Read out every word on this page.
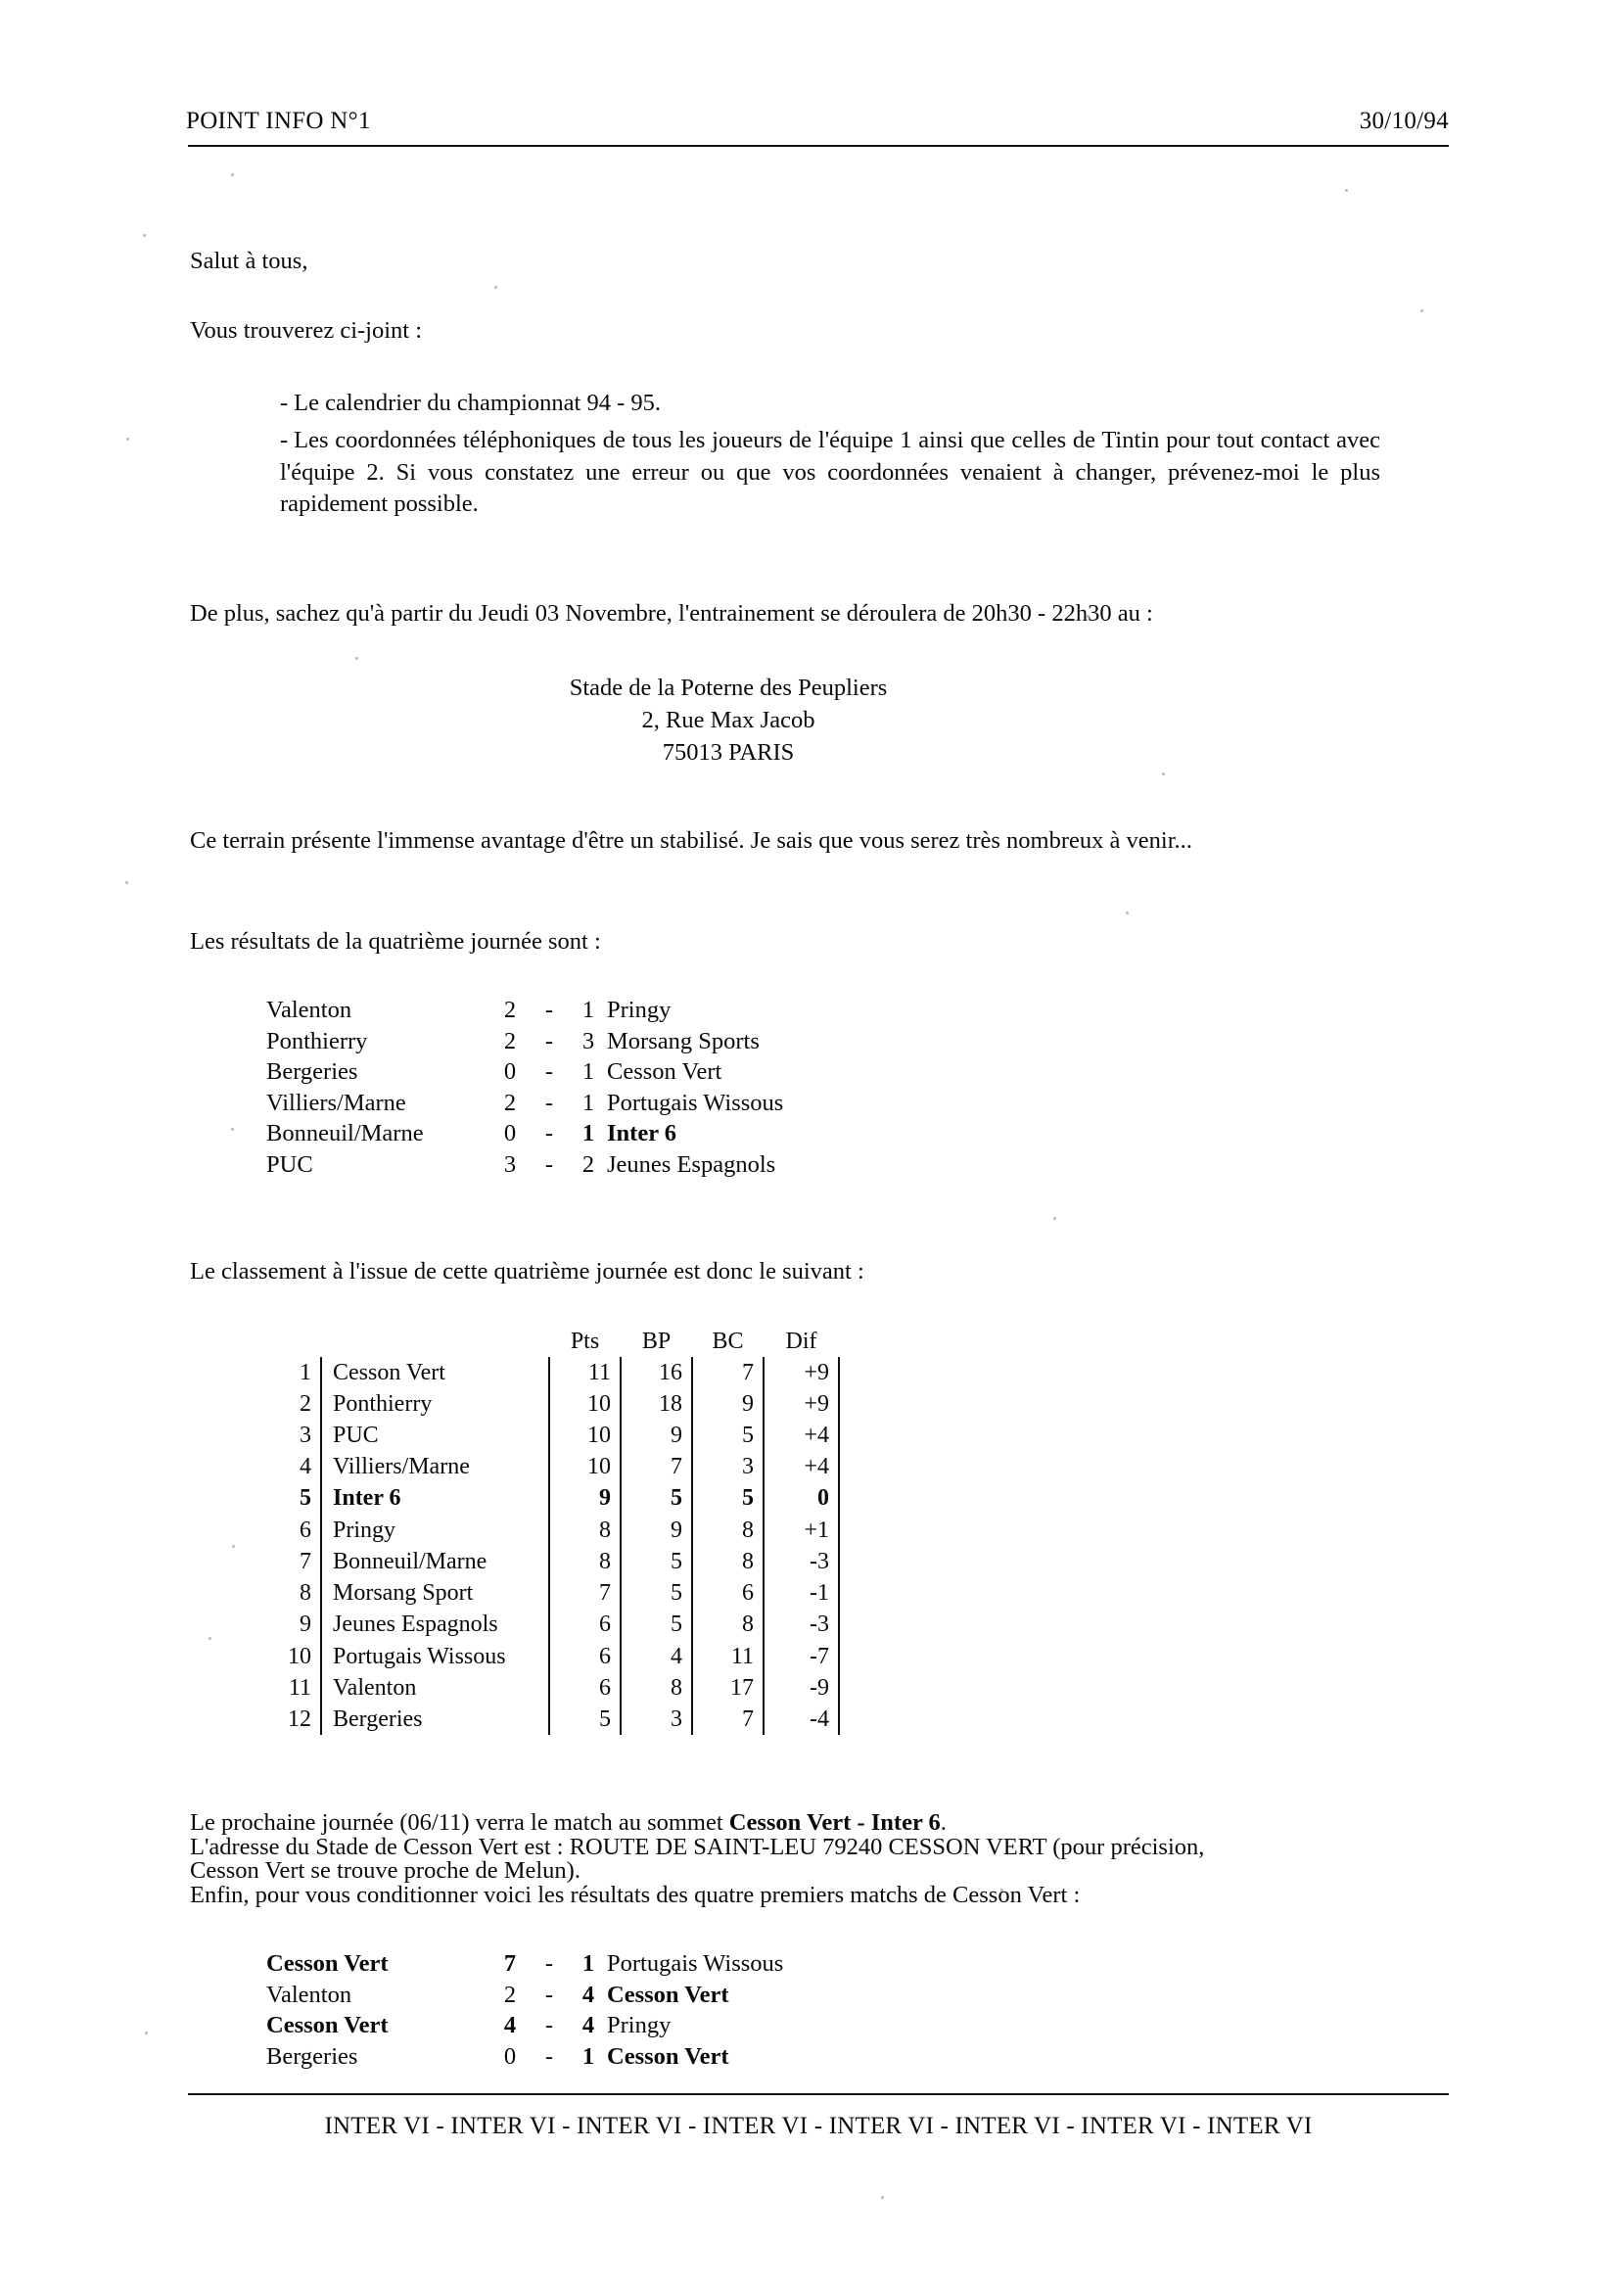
POINT INFO N°1	30/10/94

Salut à tous,

Vous trouverez ci-joint :

- Le calendrier du championnat 94 - 95.
- Les coordonnées téléphoniques de tous les joueurs de l'équipe 1 ainsi que celles de Tintin pour tout contact avec l'équipe 2. Si vous constatez une erreur ou que vos coordonnées venaient à changer, prévenez-moi le plus rapidement possible.

De plus, sachez qu'à partir du Jeudi 03 Novembre, l'entrainement se déroulera de 20h30 - 22h30 au :

Stade de la Poterne des Peupliers
2, Rue Max Jacob
75013 PARIS

Ce terrain présente l'immense avantage d'être un stabilisé. Je sais que vous serez très nombreux à venir...

Les résultats de la quatrième journée sont :

Valenton	2	-	1	Pringy
Ponthierry	2	-	3	Morsang Sports
Bergeries	0	-	1	Cesson Vert
Villiers/Marne	2	-	1	Portugais Wissous
Bonneuil/Marne	0	-	1	Inter 6
PUC	3	-	2	Jeunes Espagnols

Le classement à l'issue de cette quatrième journée est donc le suivant :

		Pts	BP	BC	Dif
1	Cesson Vert	11	16	7	+9
2	Ponthierry	10	18	9	+9
3	PUC	10	9	5	+4
4	Villiers/Marne	10	7	3	+4
5	Inter 6	9	5	5	0
6	Pringy	8	9	8	+1
7	Bonneuil/Marne	8	5	8	-3
8	Morsang Sport	7	5	6	-1
9	Jeunes Espagnols	6	5	8	-3
10	Portugais Wissous	6	4	11	-7
11	Valenton	6	8	17	-9
12	Bergeries	5	3	7	-4

Le prochaine journée (06/11) verra le match au sommet Cesson Vert - Inter 6.

L'adresse du Stade de Cesson Vert est : ROUTE DE SAINT-LEU 79240 CESSON VERT (pour précision,

Cesson Vert se trouve proche de Melun).

Enfin, pour vous conditionner voici les résultats des quatre premiers matchs de Cesson Vert :

Cesson Vert	7	-	1	Portugais Wissous
Valenton	2	-	4	Cesson Vert
Cesson Vert	4	-	4	Pringy
Bergeries	0	-	1	Cesson Vert
INTER VI - INTER VI - INTER VI - INTER VI - INTER VI - INTER VI - INTER VI - INTER VI
